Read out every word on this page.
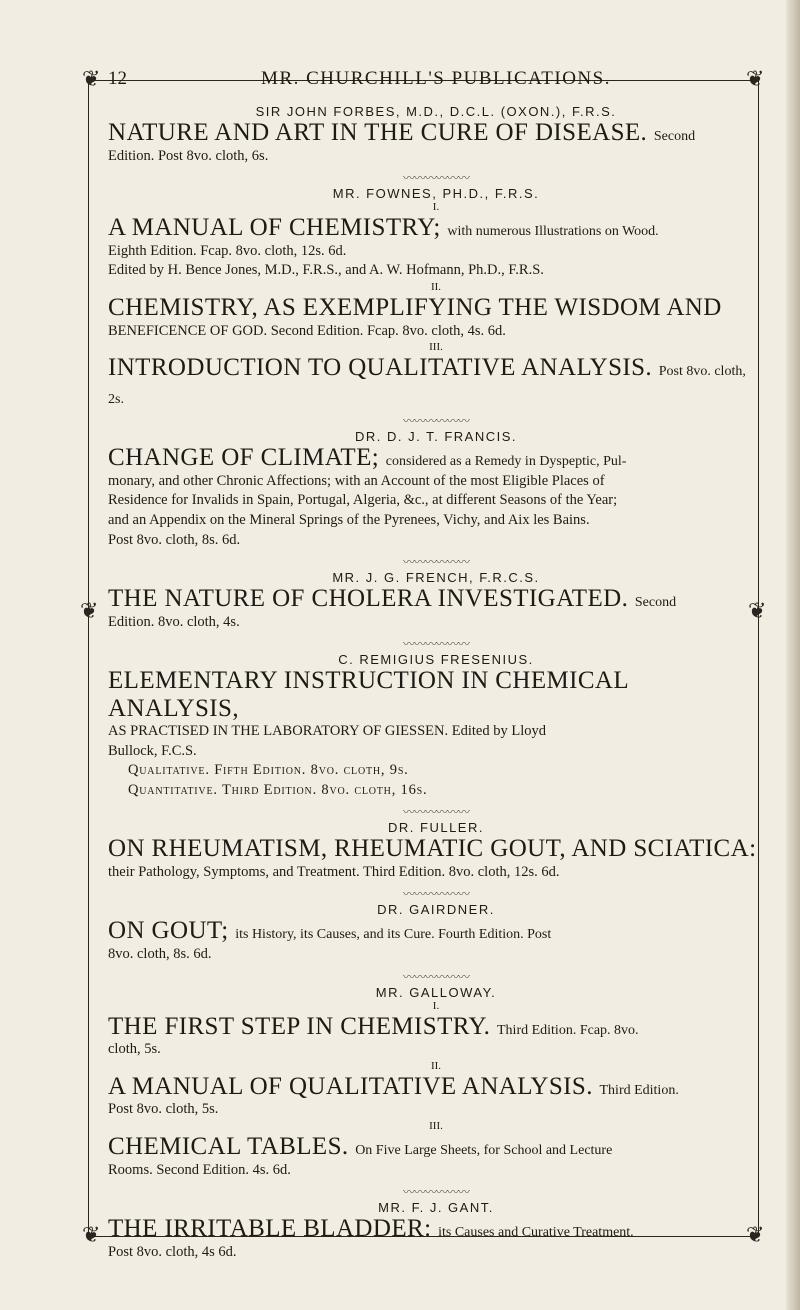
❦	❦
❦	❦
❦	❦
12	MR. CHURCHILL'S PUBLICATIONS.

SIR JOHN FORBES, M.D., D.C.L. (OXON.), F.R.S.

NATURE AND ART IN THE CURE OF DISEASE. Second

Edition. Post 8vo. cloth, 6s.

〰〰〰〰〰〰

MR. FOWNES, PH.D., F.R.S.

I.

A MANUAL OF CHEMISTRY; with numerous Illustrations on Wood.

Eighth Edition. Fcap. 8vo. cloth, 12s. 6d.

Edited by H. Bence Jones, M.D., F.R.S., and A. W. Hofmann, Ph.D., F.R.S.

II.

CHEMISTRY, AS EXEMPLIFYING THE WISDOM AND

BENEFICENCE OF GOD. Second Edition. Fcap. 8vo. cloth, 4s. 6d.

III.

INTRODUCTION TO QUALITATIVE ANALYSIS. Post 8vo. cloth, 2s.

〰〰〰〰〰〰

DR. D. J. T. FRANCIS.

CHANGE OF CLIMATE; considered as a Remedy in Dyspeptic, Pul-

monary, and other Chronic Affections; with an Account of the most Eligible Places of

Residence for Invalids in Spain, Portugal, Algeria, &c., at different Seasons of the Year;

and an Appendix on the Mineral Springs of the Pyrenees, Vichy, and Aix les Bains.

Post 8vo. cloth, 8s. 6d.

〰〰〰〰〰〰

MR. J. G. FRENCH, F.R.C.S.

THE NATURE OF CHOLERA INVESTIGATED. Second

Edition. 8vo. cloth, 4s.

〰〰〰〰〰〰

C. REMIGIUS FRESENIUS.

ELEMENTARY INSTRUCTION IN CHEMICAL ANALYSIS,

AS PRACTISED IN THE LABORATORY OF GIESSEN. Edited by Lloyd

Bullock, F.C.S.

Qualitative. Fifth Edition. 8vo. cloth, 9s.

Quantitative. Third Edition. 8vo. cloth, 16s.

〰〰〰〰〰〰

DR. FULLER.

ON RHEUMATISM, RHEUMATIC GOUT, AND SCIATICA:

their Pathology, Symptoms, and Treatment. Third Edition. 8vo. cloth, 12s. 6d.

〰〰〰〰〰〰

DR. GAIRDNER.

ON GOUT; its History, its Causes, and its Cure. Fourth Edition. Post

8vo. cloth, 8s. 6d.

〰〰〰〰〰〰

MR. GALLOWAY.

I.

THE FIRST STEP IN CHEMISTRY. Third Edition. Fcap. 8vo.

cloth, 5s.

II.

A MANUAL OF QUALITATIVE ANALYSIS. Third Edition.

Post 8vo. cloth, 5s.

III.

CHEMICAL TABLES. On Five Large Sheets, for School and Lecture

Rooms. Second Edition. 4s. 6d.

〰〰〰〰〰〰

MR. F. J. GANT.

THE IRRITABLE BLADDER: its Causes and Curative Treatment.

Post 8vo. cloth, 4s 6d.
